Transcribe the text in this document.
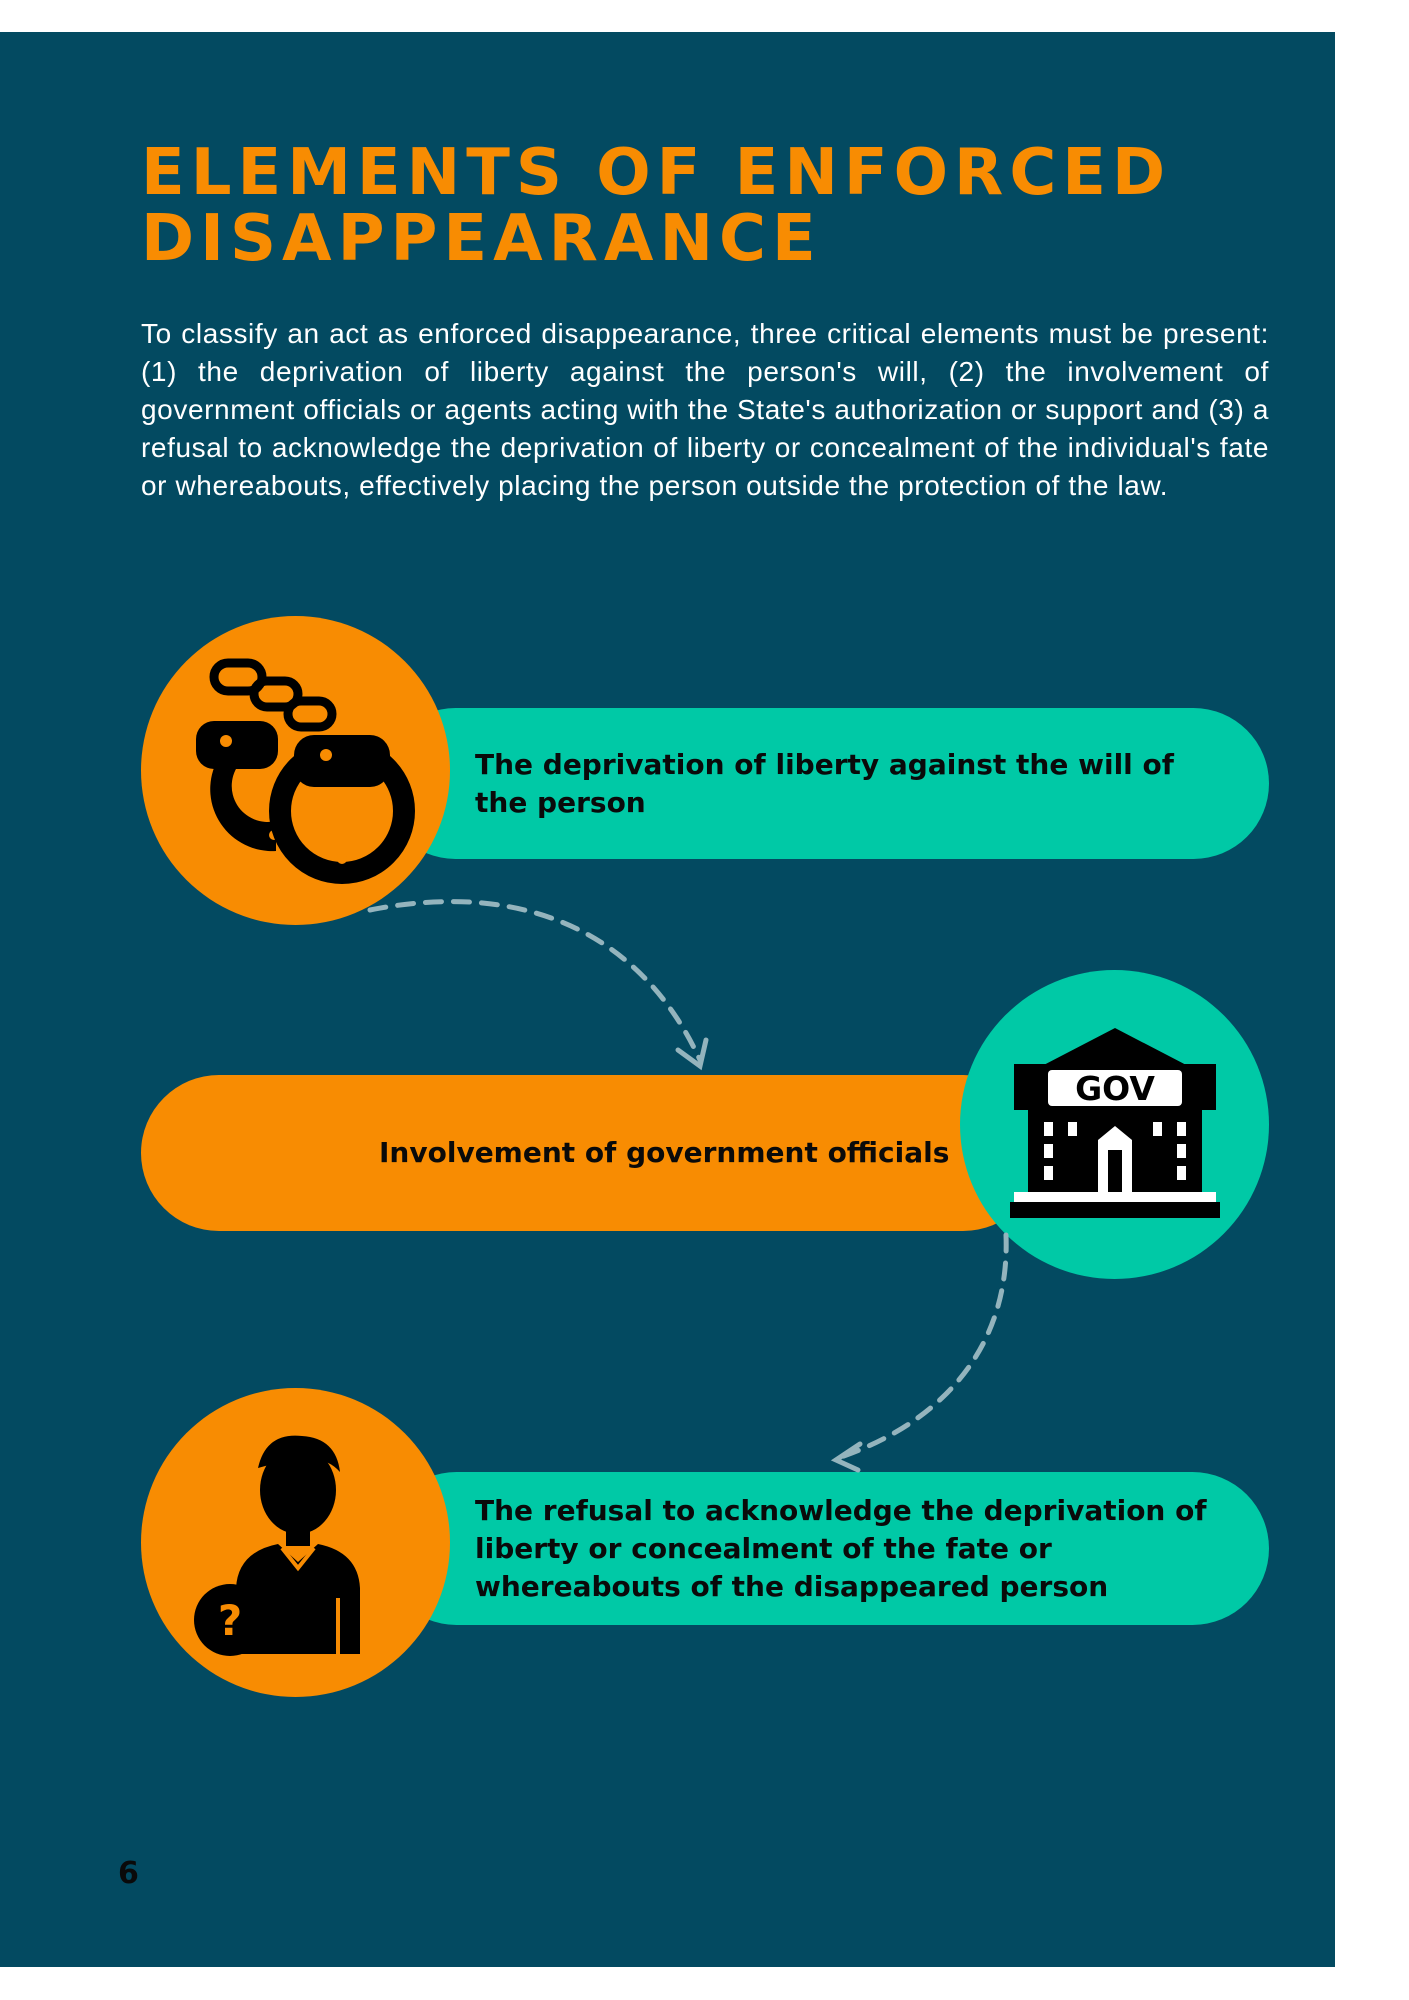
ELEMENTS OF ENFORCED
DISAPPEARANCE

To classify an act as enforced disappearance, three critical elements must be present: (1) the deprivation of liberty against the person's will, (2) the involvement of government officials or agents acting with the State's authorization or support and (3) a refusal to acknowledge the deprivation of liberty or concealment of the individual's fate or whereabouts, effectively placing the person outside the protection of the law.

The deprivation of liberty against the will of the person
Involvement of government officials
GOV
The refusal to acknowledge the deprivation of liberty or concealment of the fate or whereabouts of the disappeared person
?

6
